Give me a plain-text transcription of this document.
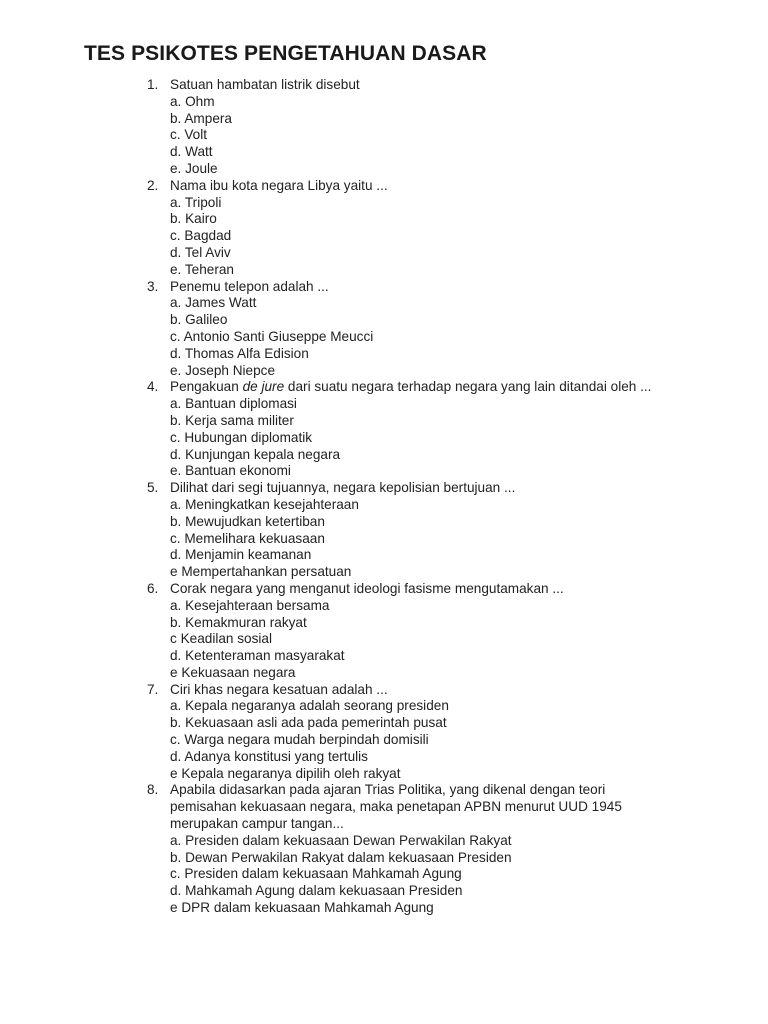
TES PSIKOTES PENGETAHUAN DASAR
1. Satuan hambatan listrik disebut
a. Ohm
b. Ampera
c. Volt
d. Watt
e. Joule
2. Nama ibu kota negara Libya yaitu ...
a. Tripoli
b. Kairo
c. Bagdad
d. Tel Aviv
e. Teheran
3. Penemu telepon adalah ...
a. James Watt
b. Galileo
c. Antonio Santi Giuseppe Meucci
d. Thomas Alfa Edision
e. Joseph Niepce
4. Pengakuan de jure dari suatu negara terhadap negara yang lain ditandai oleh ...
a. Bantuan diplomasi
b. Kerja sama militer
c. Hubungan diplomatik
d. Kunjungan kepala negara
e. Bantuan ekonomi
5. Dilihat dari segi tujuannya, negara kepolisian bertujuan ...
a. Meningkatkan kesejahteraan
b. Mewujudkan ketertiban
c. Memelihara kekuasaan
d. Menjamin keamanan
e Mempertahankan persatuan
6. Corak negara yang menganut ideologi fasisme mengutamakan ...
a. Kesejahteraan bersama
b. Kemakmuran rakyat
c Keadilan sosial
d. Ketenteraman masyarakat
e Kekuasaan negara
7. Ciri khas negara kesatuan adalah ...
a. Kepala negaranya adalah seorang presiden
b. Kekuasaan asli ada pada pemerintah pusat
c. Warga negara mudah berpindah domisili
d. Adanya konstitusi yang tertulis
e Kepala negaranya dipilih oleh rakyat
8. Apabila didasarkan pada ajaran Trias Politika, yang dikenal dengan teori
pemisahan kekuasaan negara, maka penetapan APBN menurut UUD 1945
merupakan campur tangan...
a. Presiden dalam kekuasaan Dewan Perwakilan Rakyat
b. Dewan Perwakilan Rakyat dalam kekuasaan Presiden
c. Presiden dalam kekuasaan Mahkamah Agung
d. Mahkamah Agung dalam kekuasaan Presiden
e DPR dalam kekuasaan Mahkamah Agung
